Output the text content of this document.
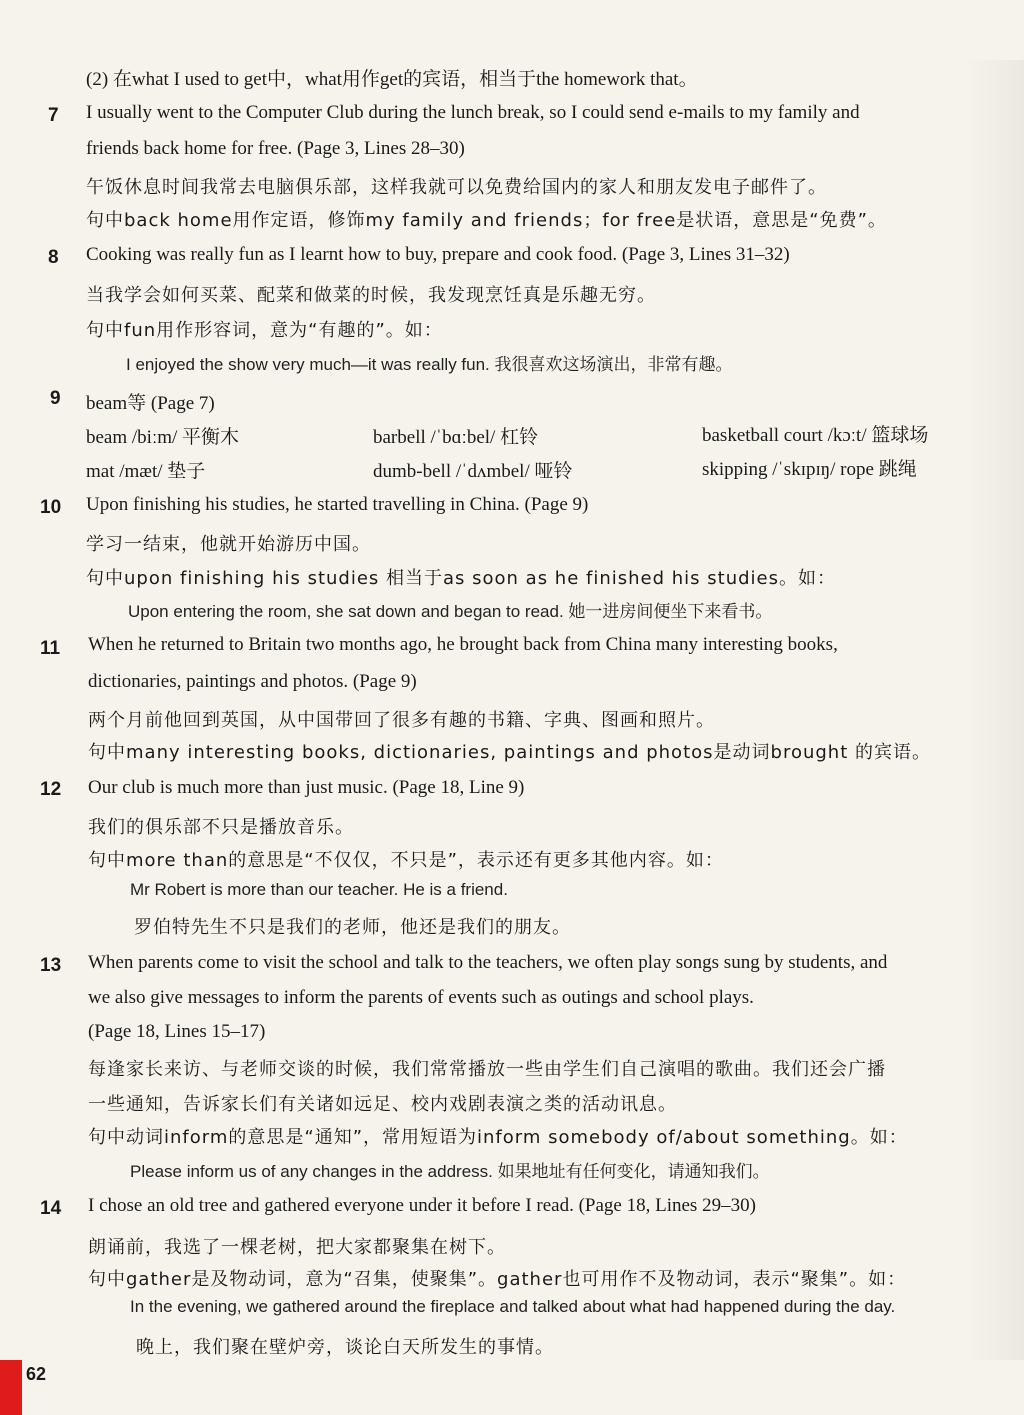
(2) 在what I used to get中，what用作get的宾语，相当于the homework that。
7 I usually went to the Computer Club during the lunch break, so I could send e-mails to my family and
friends back home for free. (Page 3, Lines 28–30)
午饭休息时间我常去电脑俱乐部，这样我就可以免费给国内的家人和朋友发电子邮件了。
句中back home用作定语，修饰my family and friends；for free是状语，意思是“免费”。
8 Cooking was really fun as I learnt how to buy, prepare and cook food. (Page 3, Lines 31–32)
当我学会如何买菜、配菜和做菜的时候，我发现烹饪真是乐趣无穷。
句中fun用作形容词，意为“有趣的”。如：
I enjoyed the show very much—it was really fun. 我很喜欢这场演出，非常有趣。
9 beam等 (Page 7)
beam /biːm/ 平衡木	barbell /ˈbɑːbel/ 杠铃	basketball court /kɔːt/ 篮球场
mat /mæt/ 垫子	dumb-bell /ˈdʌmbel/ 哑铃	skipping /ˈskɪpɪŋ/ rope 跳绳
10 Upon finishing his studies, he started travelling in China. (Page 9)
学习一结束，他就开始游历中国。
句中upon finishing his studies 相当于as soon as he finished his studies。如：
Upon entering the room, she sat down and began to read. 她一进房间便坐下来看书。
11 When he returned to Britain two months ago, he brought back from China many interesting books,
dictionaries, paintings and photos. (Page 9)
两个月前他回到英国，从中国带回了很多有趣的书籍、字典、图画和照片。
句中many interesting books, dictionaries, paintings and photos是动词brought 的宾语。
12 Our club is much more than just music. (Page 18, Line 9)
我们的俱乐部不只是播放音乐。
句中more than的意思是“不仅仅，不只是”，表示还有更多其他内容。如：
Mr Robert is more than our teacher. He is a friend.
罗伯特先生不只是我们的老师，他还是我们的朋友。
13 When parents come to visit the school and talk to the teachers, we often play songs sung by students, and
we also give messages to inform the parents of events such as outings and school plays.
(Page 18, Lines 15–17)
每逢家长来访、与老师交谈的时候，我们常常播放一些由学生们自己演唱的歌曲。我们还会广播
一些通知，告诉家长们有关诸如远足、校内戏剧表演之类的活动讯息。
句中动词inform的意思是“通知”，常用短语为inform somebody of/about something。如：
Please inform us of any changes in the address. 如果地址有任何变化，请通知我们。
14 I chose an old tree and gathered everyone under it before I read. (Page 18, Lines 29–30)
朗诵前，我选了一棵老树，把大家都聚集在树下。
句中gather是及物动词，意为“召集，使聚集”。gather也可用作不及物动词，表示“聚集”。如：
In the evening, we gathered around the fireplace and talked about what had happened during the day.
晚上，我们聚在壁炉旁，谈论白天所发生的事情。
62
